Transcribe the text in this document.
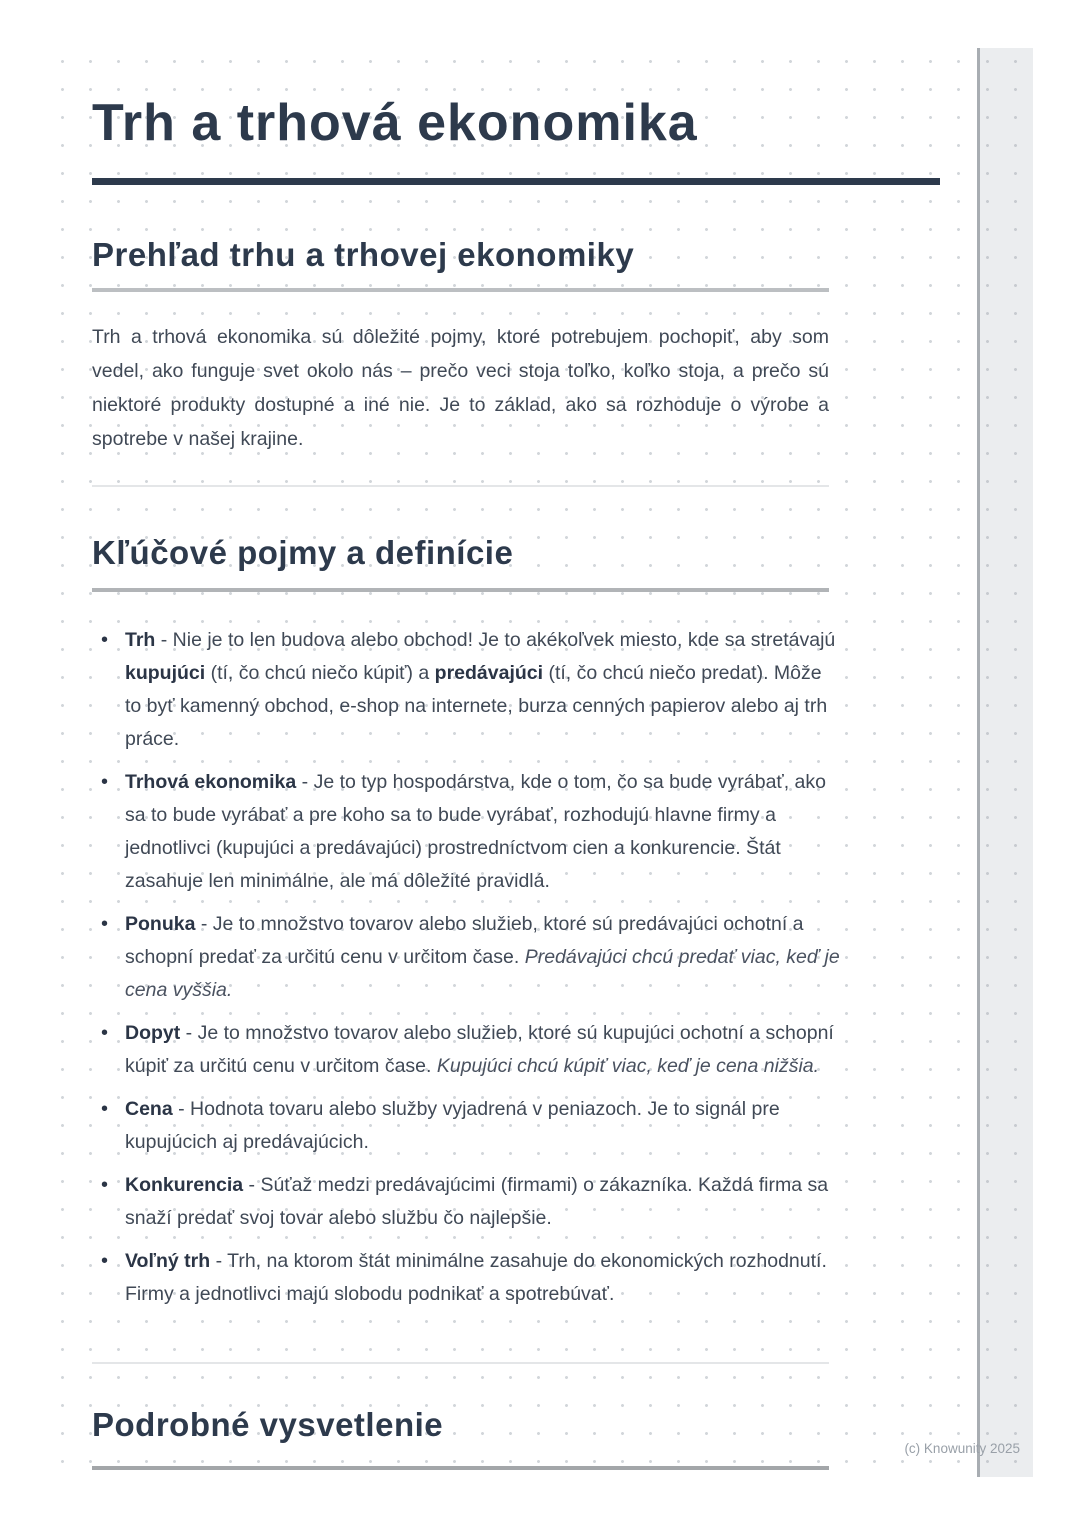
Trh a trhová ekonomika
Prehľad trhu a trhovej ekonomiky

Trh a trhová ekonomika sú dôležité pojmy, ktoré potrebujem pochopiť, aby som vedel, ako funguje svet okolo nás – prečo veci stoja toľko, koľko stoja, a prečo sú niektoré produkty dostupné a iné nie. Je to základ, ako sa rozhoduje o výrobe a spotrebe v našej krajine.

Kľúčové pojmy a definície
• Trh - Nie je to len budova alebo obchod! Je to akékoľvek miesto, kde sa stretávajú kupujúci (tí, čo chcú niečo kúpiť) a predávajúci (tí, čo chcú niečo predat). Môže to byť kamenný obchod, e-shop na internete, burza cenných papierov alebo aj trh práce.
• Trhová ekonomika - Je to typ hospodárstva, kde o tom, čo sa bude vyrábať, ako sa to bude vyrábať a pre koho sa to bude vyrábať, rozhodujú hlavne firmy a jednotlivci (kupujúci a predávajúci) prostredníctvom cien a konkurencie. Štát zasahuje len minimálne, ale má dôležité pravidlá.
• Ponuka - Je to množstvo tovarov alebo služieb, ktoré sú predávajúci ochotní a schopní predať za určitú cenu v určitom čase. Predávajúci chcú predať viac, keď je cena vyššia.
• Dopyt - Je to množstvo tovarov alebo služieb, ktoré sú kupujúci ochotní a schopní kúpiť za určitú cenu v určitom čase. Kupujúci chcú kúpiť viac, keď je cena nižšia.
• Cena - Hodnota tovaru alebo služby vyjadrená v peniazoch. Je to signál pre kupujúcich aj predávajúcich.
• Konkurencia - Súťaž medzi predávajúcimi (firmami) o zákazníka. Každá firma sa snaží predať svoj tovar alebo službu čo najlepšie.
• Voľný trh - Trh, na ktorom štát minimálne zasahuje do ekonomických rozhodnutí. Firmy a jednotlivci majú slobodu podnikať a spotrebúvať.
Podrobné vysvetlenie
(c) Knowunity 2025
